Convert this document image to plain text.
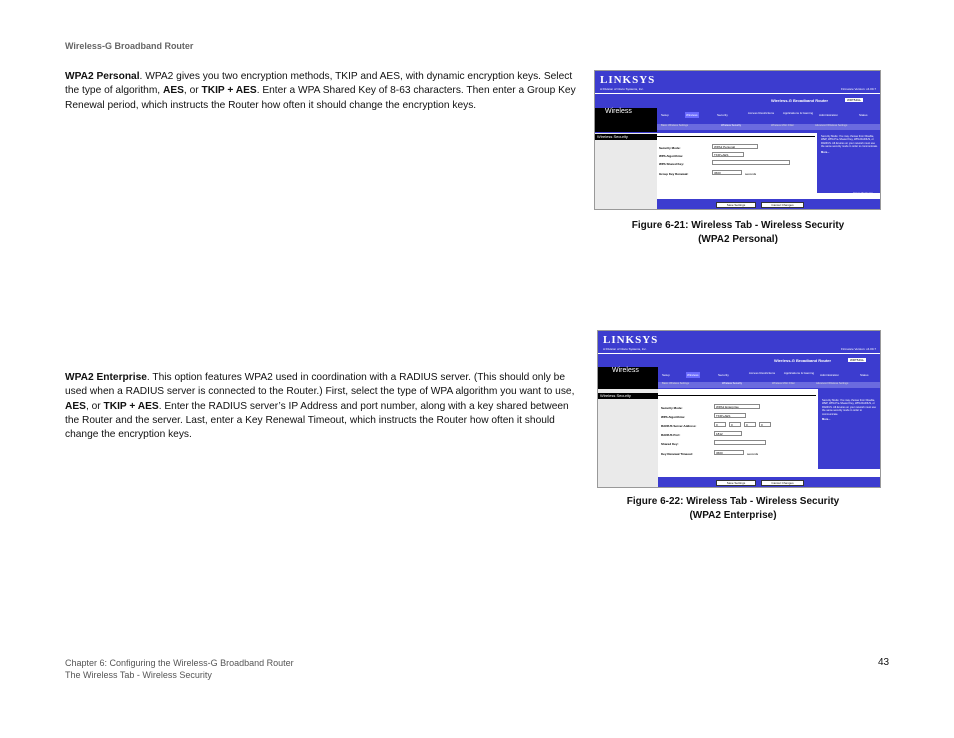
Wireless-G Broadband Router
WPA2 Personal. WPA2 gives you two encryption methods, TKIP and AES, with dynamic encryption keys. Select the type of algorithm, AES, or TKIP + AES. Enter a WPA Shared Key of 8-63 characters. Then enter a Group Key Renewal period, which instructs the Router how often it should change the encryption keys.
WPA2 Enterprise. This option features WPA2 used in coordination with a RADIUS server. (This should only be used when a RADIUS server is connected to the Router.) First, select the type of WPA algorithm you want to use, AES, or TKIP + AES. Enter the RADIUS server’s IP Address and port number, along with a key shared between the Router and the server. Last, enter a Key Renewal Timeout, which instructs the Router how often it should change the encryption keys.
LINKSYS
A Division of Cisco Systems, Inc.	Firmware Version: v4.00.7
Wireless-G Broadband Router	WRT54GL
Wireless	Setup	Wireless	Security	Access Restrictions	Applications & Gaming	Administration	Status
Basic Wireless Settings	Wireless Security	Wireless MAC Filter	Advanced Wireless Settings
Wireless Security
Security Mode:	WPA2 Personal
WPA Algorithms:	TKIP+AES
WPA Shared Key:
Group Key Renewal:	3600	seconds
Security Mode: You may choose from Disable, WEP, WPA Pre-Shared Key, WPA RADIUS, or RADIUS. All devices on your network must use the same security mode in order to communicate.
More...
Cisco Systems
Save Settings	Cancel Changes
Figure 6-21: Wireless Tab - Wireless Security
(WPA2 Personal)
LINKSYS
A Division of Cisco Systems, Inc.	Firmware Version: v4.00.7
Wireless-G Broadband Router	WRT54GL
Wireless
Setup	Wireless	Security	Access Restrictions	Applications & Gaming	Administration	Status
Basic Wireless Settings	Wireless Security	Wireless MAC Filter	Advanced Wireless Settings
Wireless Security
Security Mode:	WPA2 Enterprise
WPA Algorithms:	TKIP+AES
RADIUS Server Address:	0	0	0	0
RADIUS Port:	1812
Shared Key:
Key Renewal Timeout:	3600	seconds
Security Mode: You may choose from Disable, WEP, WPA Pre-Shared Key, WPA RADIUS, or RADIUS. All devices on your network must use the same security mode in order to communicate.
More...
Cisco Systems
Save Settings	Cancel Changes
Figure 6-22: Wireless Tab - Wireless Security
(WPA2 Enterprise)
Chapter 6: Configuring the Wireless-G Broadband Router
The Wireless Tab - Wireless Security
43
